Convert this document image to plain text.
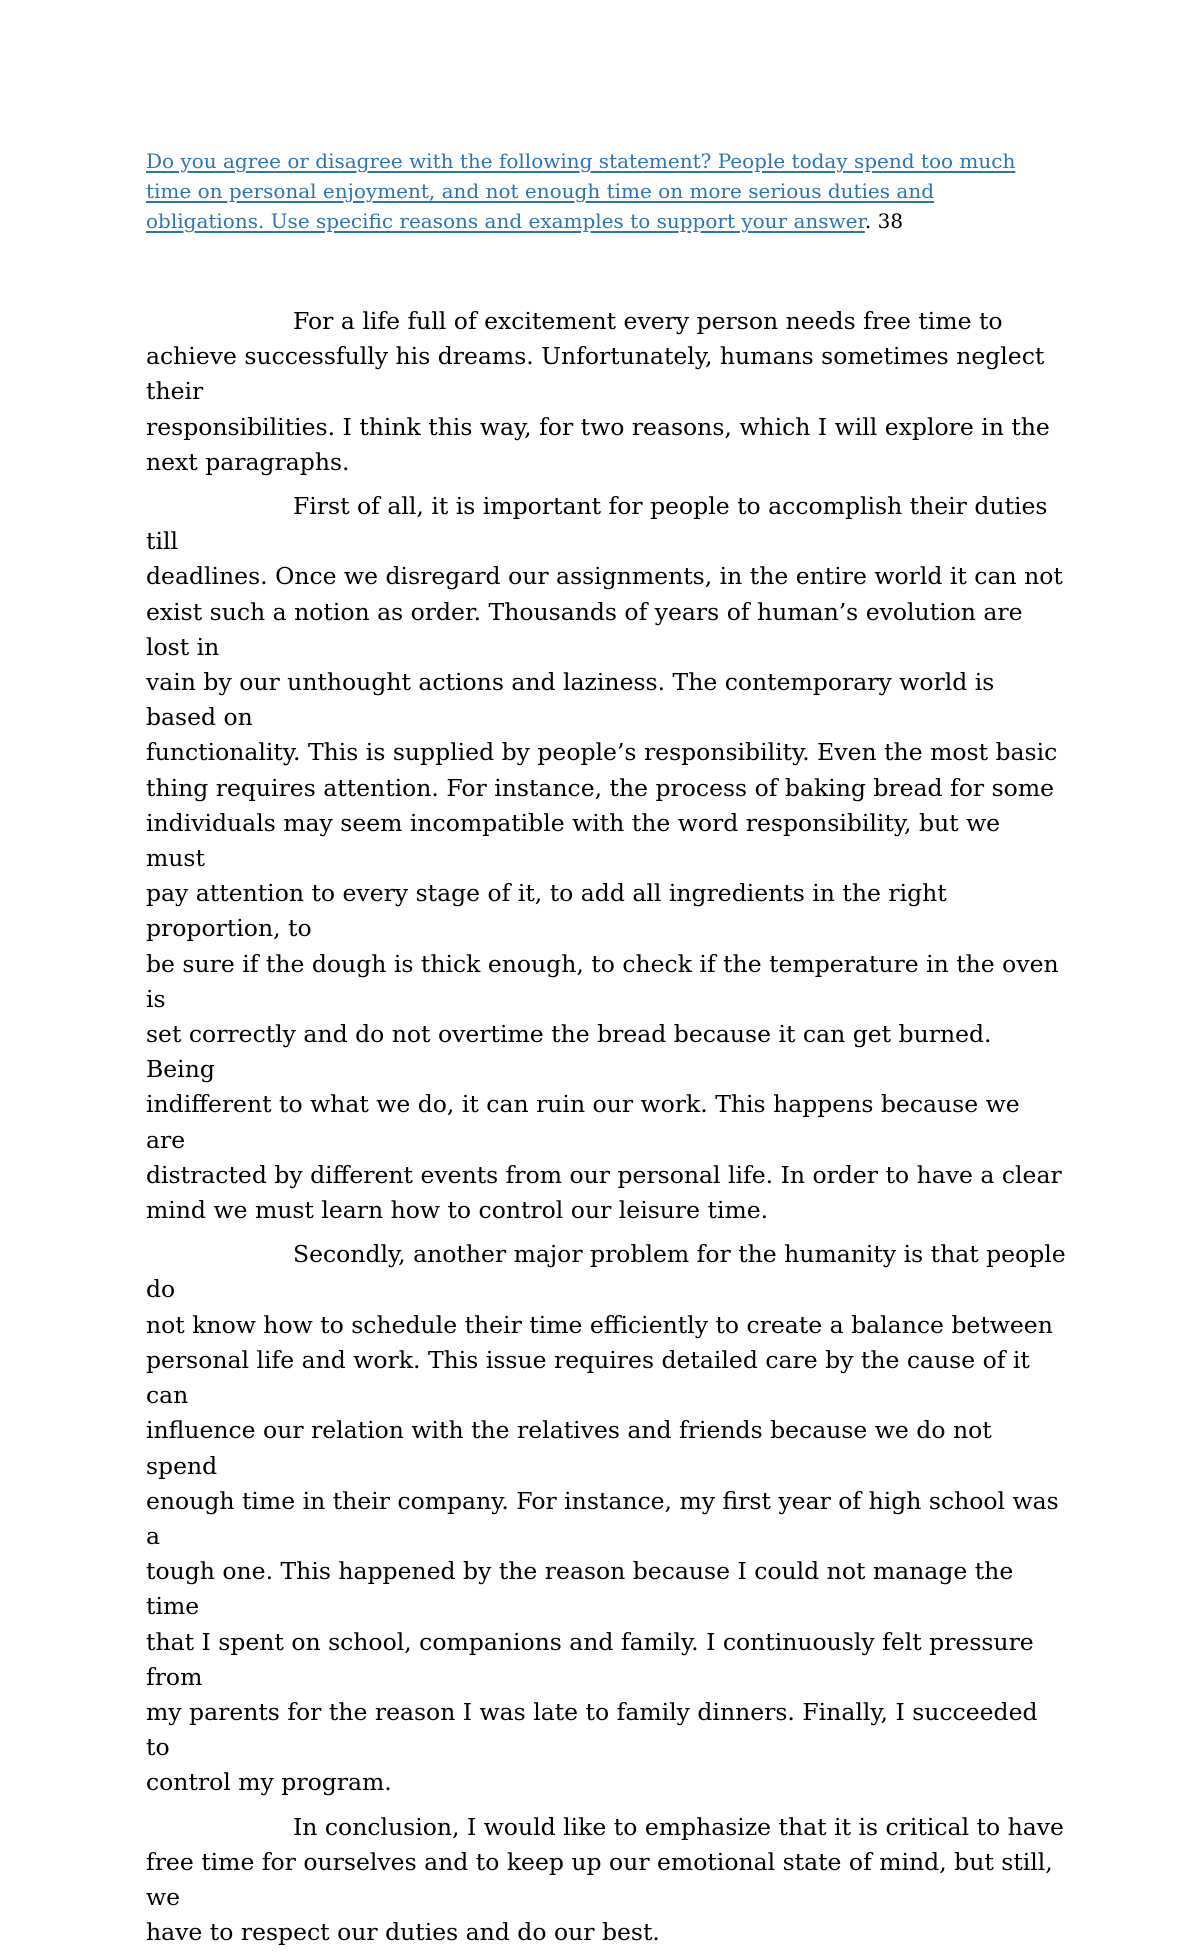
Do you agree or disagree with the following statement? People today spend too much
time on personal enjoyment, and not enough time on more serious duties and
obligations. Use specific reasons and examples to support your answer. 38

For a life full of excitement every person needs free time to
achieve successfully his dreams. Unfortunately, humans sometimes neglect their
responsibilities. I think this way, for two reasons, which I will explore in the
next paragraphs.

First of all, it is important for people to accomplish their duties till
deadlines. Once we disregard our assignments, in the entire world it can not
exist such a notion as order. Thousands of years of human’s evolution are lost in
vain by our unthought actions and laziness. The contemporary world is based on
functionality. This is supplied by people’s responsibility. Even the most basic
thing requires attention. For instance, the process of baking bread for some
individuals may seem incompatible with the word responsibility, but we must
pay attention to every stage of it, to add all ingredients in the right proportion, to
be sure if the dough is thick enough, to check if the temperature in the oven is
set correctly and do not overtime the bread because it can get burned. Being
indifferent to what we do, it can ruin our work. This happens because we are
distracted by different events from our personal life. In order to have a clear
mind we must learn how to control our leisure time.

Secondly, another major problem for the humanity is that people do
not know how to schedule their time efficiently to create a balance between
personal life and work. This issue requires detailed care by the cause of it can
influence our relation with the relatives and friends because we do not spend
enough time in their company. For instance, my first year of high school was a
tough one. This happened by the reason because I could not manage the time
that I spent on school, companions and family. I continuously felt pressure from
my parents for the reason I was late to family dinners. Finally, I succeeded to
control my program.

In conclusion, I would like to emphasize that it is critical to have
free time for ourselves and to keep up our emotional state of mind, but still, we
have to respect our duties and do our best.
